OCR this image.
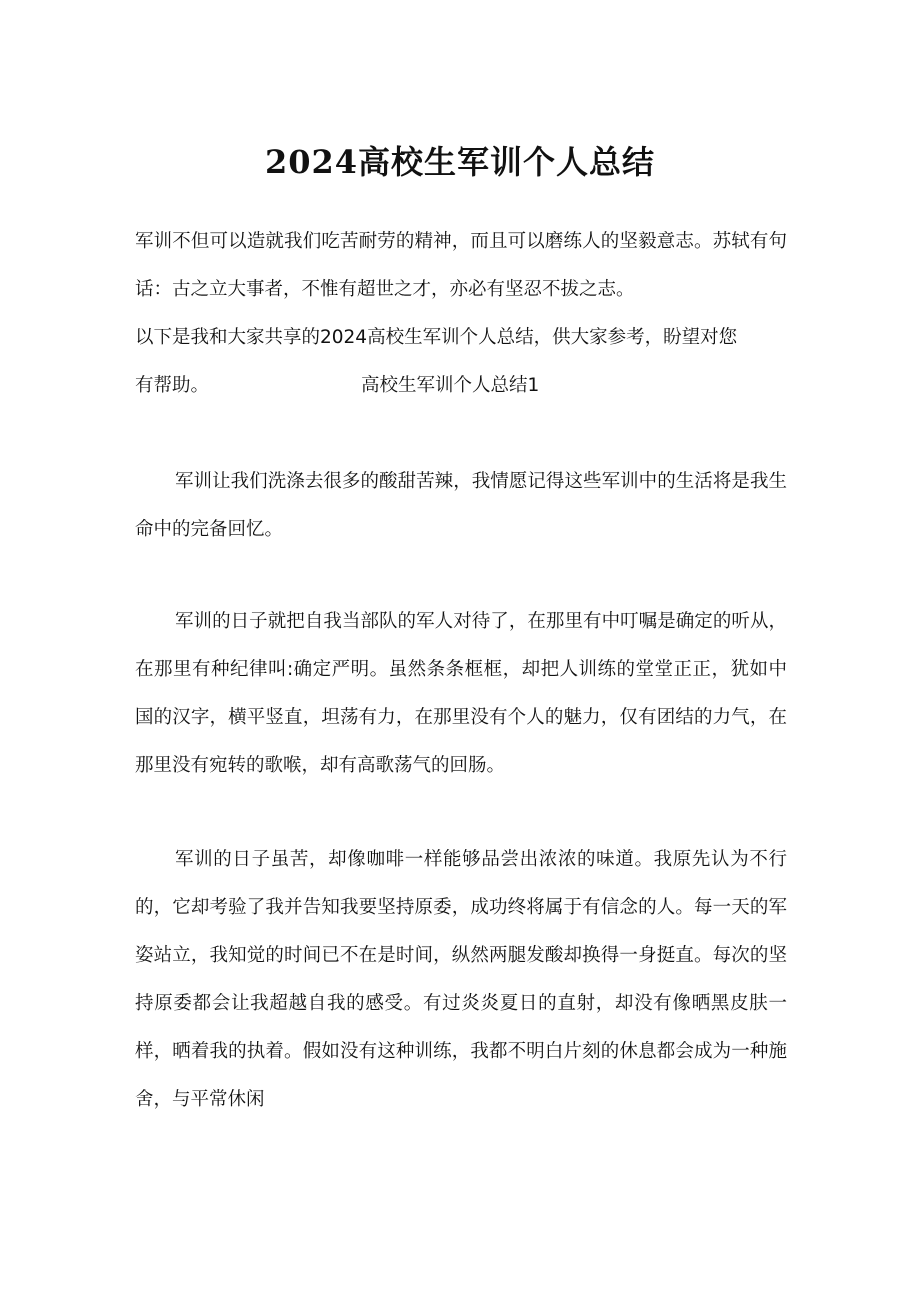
2024高校生军训个人总结

军训不但可以造就我们吃苦耐劳的精神，而且可以磨练人的坚毅意志。苏轼有句话：古之立大事者，不惟有超世之才，亦必有坚忍不拔之志。

以下是我和大家共享的2024高校生军训个人总结，供大家参考，盼望对您

有帮助。	高校生军训个人总结1

军训让我们洗涤去很多的酸甜苦辣，我情愿记得这些军训中的生活将是我生命中的完备回忆。

军训的日子就把自我当部队的军人对待了，在那里有中叮嘱是确定的听从，在那里有种纪律叫:确定严明。虽然条条框框，却把人训练的堂堂正正，犹如中国的汉字，横平竖直，坦荡有力，在那里没有个人的魅力，仅有团结的力气，在那里没有宛转的歌喉，却有高歌荡气的回肠。

军训的日子虽苦，却像咖啡一样能够品尝出浓浓的味道。我原先认为不行的，它却考验了我并告知我要坚持原委，成功终将属于有信念的人。每一天的军姿站立，我知觉的时间已不在是时间，纵然两腿发酸却换得一身挺直。每次的坚持原委都会让我超越自我的感受。有过炎炎夏日的直射，却没有像晒黑皮肤一样，晒着我的执着。假如没有这种训练，我都不明白片刻的休息都会成为一种施舍，与平常休闲
